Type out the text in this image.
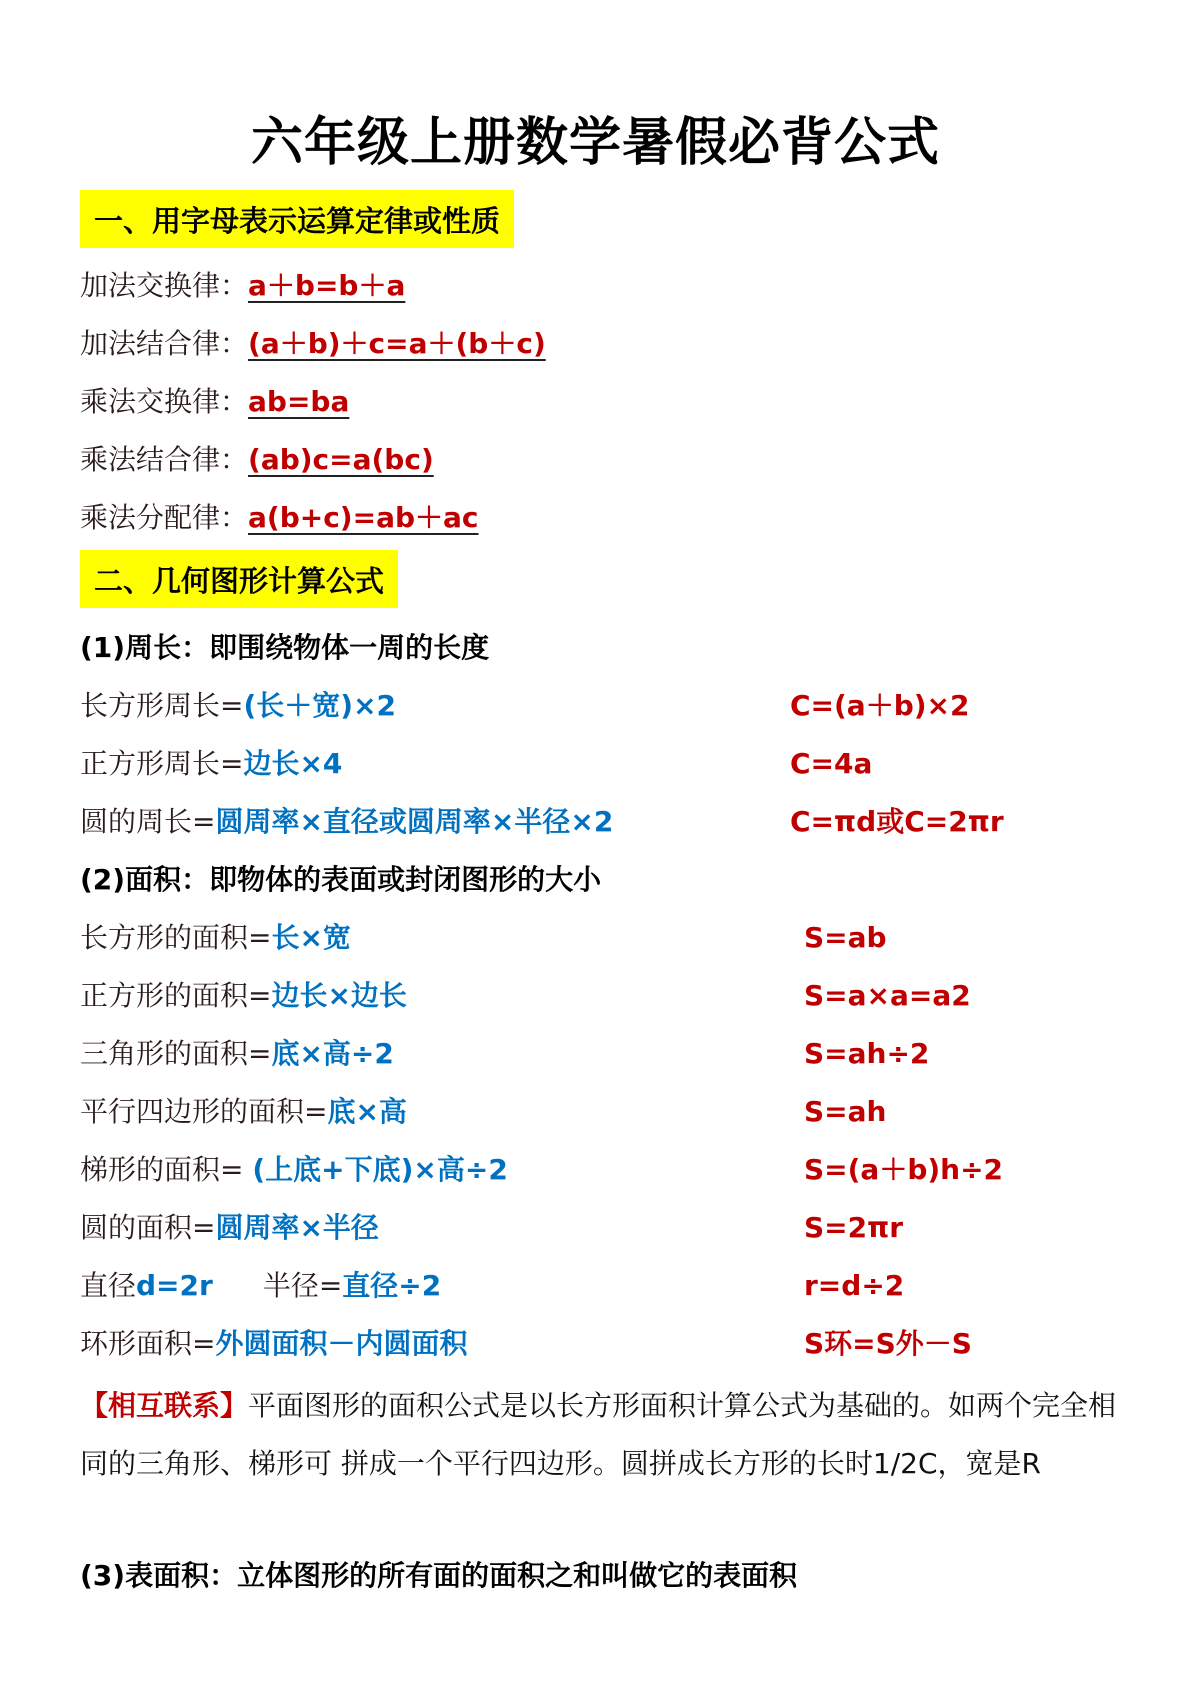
六年级上册数学暑假必背公式
一、用字母表示运算定律或性质
加法交换律：a＋b=b＋a
加法结合律：(a＋b)＋c=a＋(b＋c)
乘法交换律：ab=ba
乘法结合律：(ab)c=a(bc)
乘法分配律：a(b+c)=ab＋ac
二、几何图形计算公式
(1)周长：即围绕物体一周的长度
长方形周长=(长＋宽)×2	C=(a＋b)×2
正方形周长=边长×4	C=4a
圆的周长=圆周率×直径或圆周率×半径×2	C=πd或C=2πr
(2)面积：即物体的表面或封闭图形的大小
长方形的面积=长×宽	S=ab
正方形的面积=边长×边长	S=a×a=a2
三角形的面积=底×高÷2	S=ah÷2
平行四边形的面积=底×高	S=ah
梯形的面积= (上底+下底)×高÷2	S=(a＋b)h÷2
圆的面积=圆周率×半径	S=2πr
直径d=2r 半径=直径÷2	r=d÷2
环形面积=外圆面积－内圆面积	S环=S外－S
【相互联系】平面图形的面积公式是以长方形面积计算公式为基础的。如两个完全相同的三角形、梯形可 拼成一个平行四边形。圆拼成长方形的长时1/2C，宽是R
(3)表面积：立体图形的所有面的面积之和叫做它的表面积
